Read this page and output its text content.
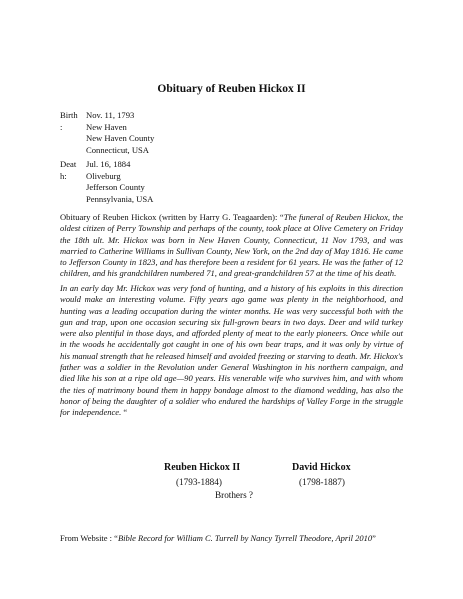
Obituary of Reuben Hickox II
Birth
:
Nov. 11, 1793
New Haven
New Haven County
Connecticut, USA
Deat
h:
Jul. 16, 1884
Oliveburg
Jefferson County
Pennsylvania, USA
Obituary of Reuben Hickox (written by Harry G. Teagaarden): “The funeral of Reuben Hickox, the oldest citizen of Perry Township and perhaps of the county, took place at Olive Cemetery on Friday the 18th ult. Mr. Hickox was born in New Haven County, Connecticut, 11 Nov 1793, and was married to Catherine Williams in Sullivan County, New York, on the 2nd day of May 1816. He came to Jefferson County in 1823, and has therefore been a resident for 61 years. He was the father of 12 children, and his grandchildren numbered 71, and great-grandchildren 57 at the time of his death.
In an early day Mr. Hickox was very fond of hunting, and a history of his exploits in this direction would make an interesting volume. Fifty years ago game was plenty in the neighborhood, and hunting was a leading occupation during the winter months. He was very successful both with the gun and trap, upon one occasion securing six full-grown bears in two days. Deer and wild turkey were also plentiful in those days, and afforded plenty of meat to the early pioneers. Once while out in the woods he accidentally got caught in one of his own bear traps, and it was only by virtue of his manual strength that he released himself and avoided freezing or starving to death. Mr. Hickox's father was a soldier in the Revolution under General Washington in his northern campaign, and died like his son at a ripe old age—90 years. His venerable wife who survives him, and with whom the ties of matrimony bound them in happy bondage almost to the diamond wedding, has also the honor of being the daughter of a soldier who endured the hardships of Valley Forge in the struggle for independence. “
Reuben Hickox II
(1793-1884)
David Hickox
(1798-1887)
Brothers ?
From Website : “Bible Record for William C. Turrell by Nancy Tyrrell Theodore, April 2010”
